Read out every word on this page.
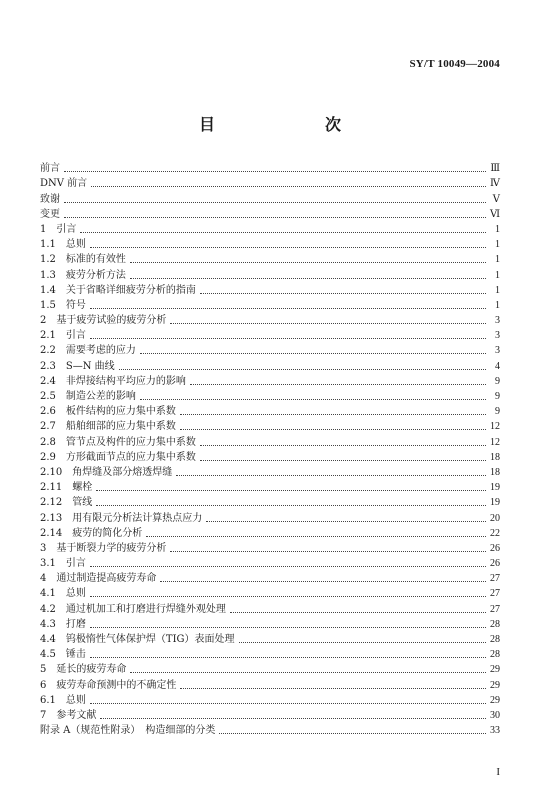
SY/T 10049—2004
目　　次
前言	Ⅲ
DNV 前言	Ⅳ
致谢	Ⅴ
变更	Ⅵ
1　引言	1
1.1　总则	1
1.2　标准的有效性	1
1.3　疲劳分析方法	1
1.4　关于省略详细疲劳分析的指南	1
1.5　符号	1
2　基于疲劳试验的疲劳分析	3
2.1　引言	3
2.2　需要考虑的应力	3
2.3　S—N 曲线	4
2.4　非焊接结构平均应力的影响	9
2.5　制造公差的影响	9
2.6　板件结构的应力集中系数	9
2.7　船舶细部的应力集中系数	12
2.8　管节点及构件的应力集中系数	12
2.9　方形截面节点的应力集中系数	18
2.10　角焊缝及部分熔透焊缝	18
2.11　螺栓	19
2.12　管线	19
2.13　用有限元分析法计算热点应力	20
2.14　疲劳的简化分析	22
3　基于断裂力学的疲劳分析	26
3.1　引言	26
4　通过制造提高疲劳寿命	27
4.1　总则	27
4.2　通过机加工和打磨进行焊缝外观处理	27
4.3　打磨	28
4.4　钨极惰性气体保护焊（TIG）表面处理	28
4.5　锤击	28
5　延长的疲劳寿命	29
6　疲劳寿命预测中的不确定性	29
6.1　总则	29
7　参考文献	30
附录 A（规范性附录）　构造细部的分类	33
I
